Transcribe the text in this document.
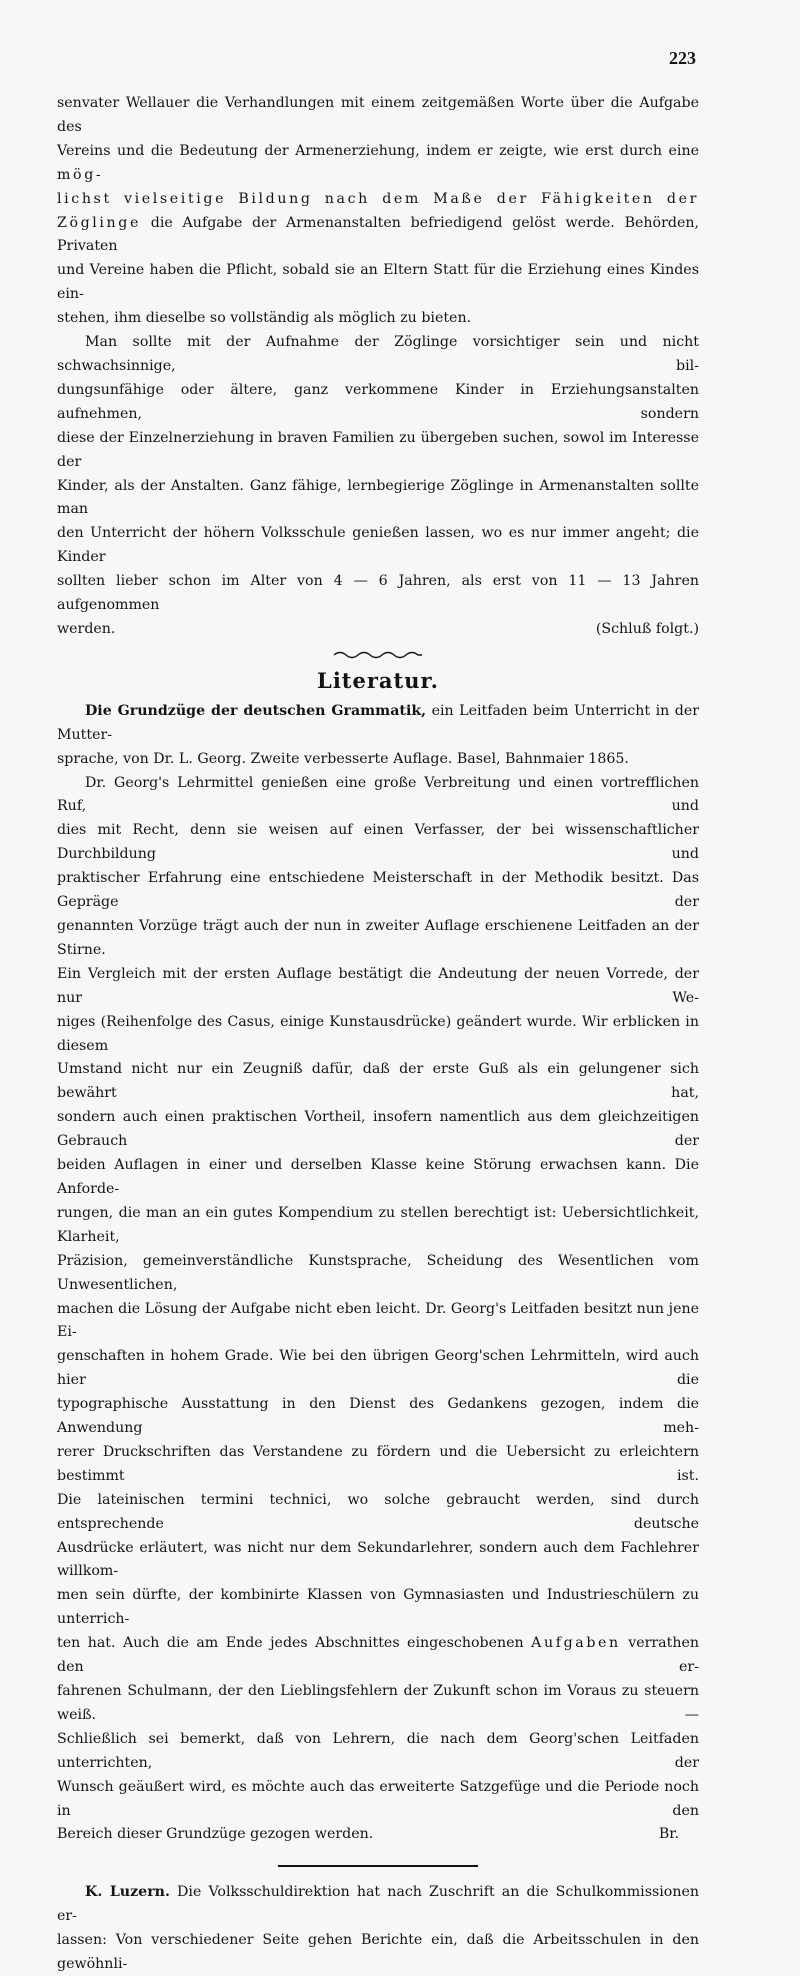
223

senvater Wellauer die Verhandlungen mit einem zeitgemäßen Worte über die Aufgabe des

Vereins und die Bedeutung der Armenerziehung, indem er zeigte, wie erst durch eine mög-

lichst vielseitige Bildung nach dem Maße der Fähigkeiten der

Zöglinge die Aufgabe der Armenanstalten befriedigend gelöst werde. Behörden, Privaten

und Vereine haben die Pflicht, sobald sie an Eltern Statt für die Erziehung eines Kindes ein-

stehen, ihm dieselbe so vollständig als möglich zu bieten.

Man sollte mit der Aufnahme der Zöglinge vorsichtiger sein und nicht schwachsinnige, bil-

dungsunfähige oder ältere, ganz verkommene Kinder in Erziehungsanstalten aufnehmen, sondern

diese der Einzelnerziehung in braven Familien zu übergeben suchen, sowol im Interesse der

Kinder, als der Anstalten. Ganz fähige, lernbegierige Zöglinge in Armenanstalten sollte man

den Unterricht der höhern Volksschule genießen lassen, wo es nur immer angeht; die Kinder

sollten lieber schon im Alter von 4 — 6 Jahren, als erst von 11 — 13 Jahren aufgenommen

werden.	(Schluß folgt.)
Literatur.

Die Grundzüge der deutschen Grammatik, ein Leitfaden beim Unterricht in der Mutter-

sprache, von Dr. L. Georg. Zweite verbesserte Auflage. Basel, Bahnmaier 1865.

Dr. Georg's Lehrmittel genießen eine große Verbreitung und einen vortrefflichen Ruf, und

dies mit Recht, denn sie weisen auf einen Verfasser, der bei wissenschaftlicher Durchbildung und

praktischer Erfahrung eine entschiedene Meisterschaft in der Methodik besitzt. Das Gepräge der

genannten Vorzüge trägt auch der nun in zweiter Auflage erschienene Leitfaden an der Stirne.

Ein Vergleich mit der ersten Auflage bestätigt die Andeutung der neuen Vorrede, der nur We-

niges (Reihenfolge des Casus, einige Kunstausdrücke) geändert wurde. Wir erblicken in diesem

Umstand nicht nur ein Zeugniß dafür, daß der erste Guß als ein gelungener sich bewährt hat,

sondern auch einen praktischen Vortheil, insofern namentlich aus dem gleichzeitigen Gebrauch der

beiden Auflagen in einer und derselben Klasse keine Störung erwachsen kann. Die Anforde-

rungen, die man an ein gutes Kompendium zu stellen berechtigt ist: Uebersichtlichkeit, Klarheit,

Präzision, gemeinverständliche Kunstsprache, Scheidung des Wesentlichen vom Unwesentlichen,

machen die Lösung der Aufgabe nicht eben leicht. Dr. Georg's Leitfaden besitzt nun jene Ei-

genschaften in hohem Grade. Wie bei den übrigen Georg'schen Lehrmitteln, wird auch hier die

typographische Ausstattung in den Dienst des Gedankens gezogen, indem die Anwendung meh-

rerer Druckschriften das Verstandene zu fördern und die Uebersicht zu erleichtern bestimmt ist.

Die lateinischen termini technici, wo solche gebraucht werden, sind durch entsprechende deutsche

Ausdrücke erläutert, was nicht nur dem Sekundarlehrer, sondern auch dem Fachlehrer willkom-

men sein dürfte, der kombinirte Klassen von Gymnasiasten und Industrieschülern zu unterrich-

ten hat. Auch die am Ende jedes Abschnittes eingeschobenen Aufgaben verrathen den er-

fahrenen Schulmann, der den Lieblingsfehlern der Zukunft schon im Voraus zu steuern weiß. —

Schließlich sei bemerkt, daß von Lehrern, die nach dem Georg'schen Leitfaden unterrichten, der

Wunsch geäußert wird, es möchte auch das erweiterte Satzgefüge und die Periode noch in den

Bereich dieser Grundzüge gezogen werden.	Br.

K. Luzern. Die Volksschuldirektion hat nach Zuschrift an die Schulkommissionen er-

lassen: Von verschiedener Seite gehen Berichte ein, daß die Arbeitsschulen in den gewöhnli-
